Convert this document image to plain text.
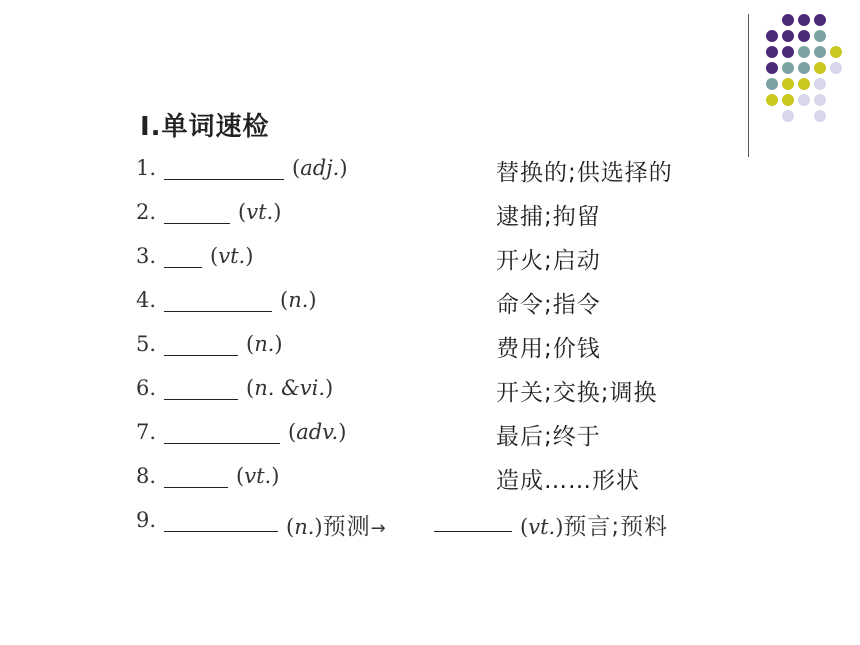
Ⅰ.单词速检
1.	(adj.)	替换的;供选择的
2.	(vt.)	逮捕;拘留
3.	(vt.)	开火;启动
4.	(n.)	命令;指令
5.	(n.)	费用;价钱
6.	(n. &vi.)	开关;交换;调换
7.	(adv.)	最后;终于
8.	(vt.)	造成……形状
9.	(n.)预测→	(vt.)预言;预料
